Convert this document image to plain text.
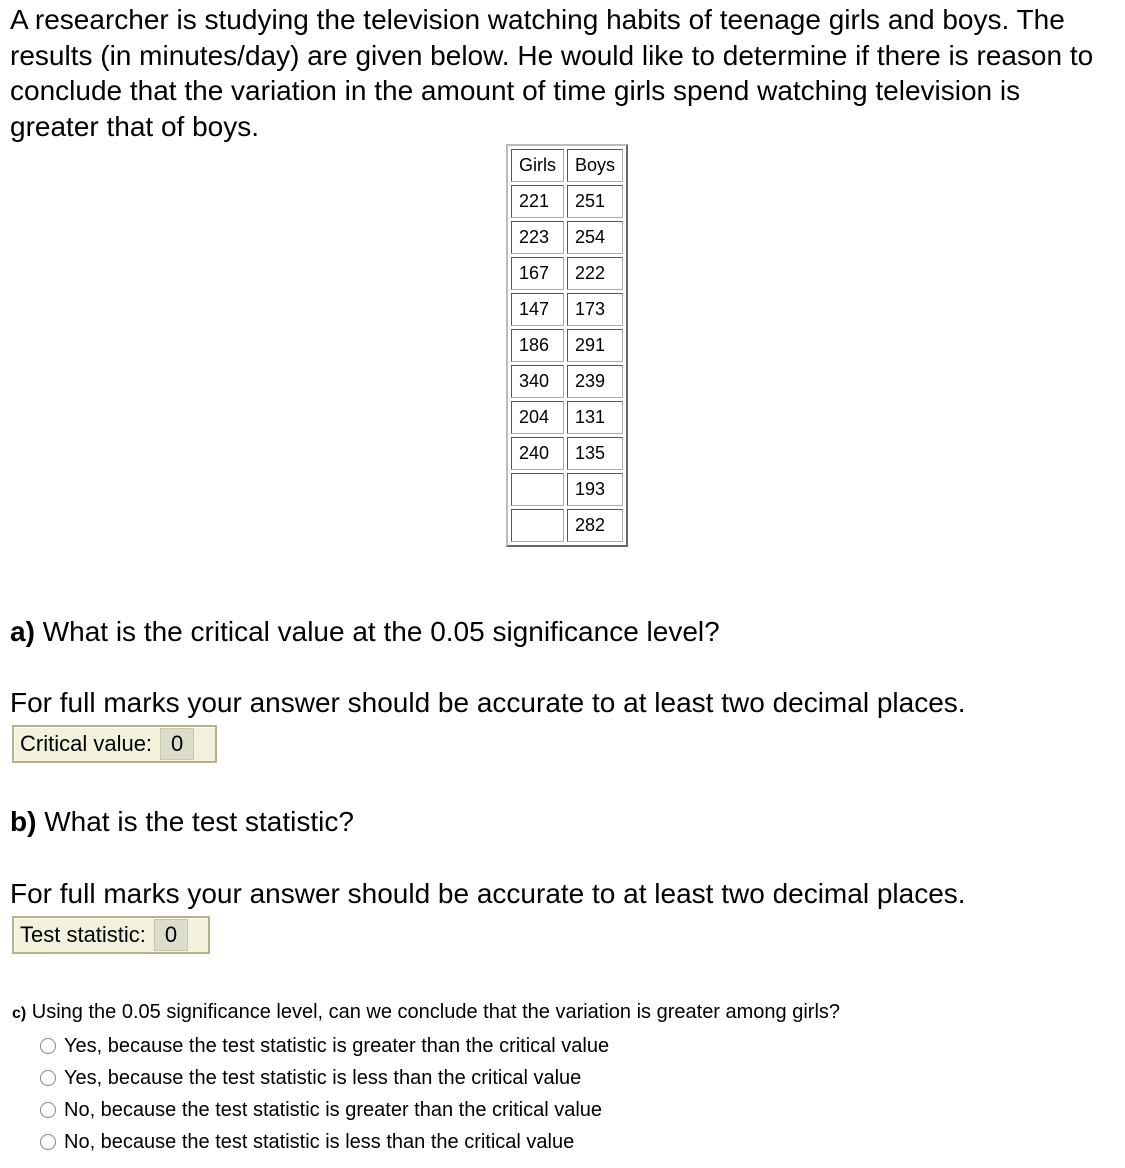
A researcher is studying the television watching habits of teenage girls and boys. The results (in minutes/day) are given below. He would like to determine if there is reason to conclude that the variation in the amount of time girls spend watching television is greater that of boys.

Girls	Boys
221	251
223	254
167	222
147	173
186	291
340	239
204	131
240	135
	193
	282

a) What is the critical value at the 0.05 significance level?

For full marks your answer should be accurate to at least two decimal places.

Critical value: 0

b) What is the test statistic?

For full marks your answer should be accurate to at least two decimal places.

Test statistic: 0

c) Using the 0.05 significance level, can we conclude that the variation is greater among girls?

Yes, because the test statistic is greater than the critical value
Yes, because the test statistic is less than the critical value
No, because the test statistic is greater than the critical value
No, because the test statistic is less than the critical value
